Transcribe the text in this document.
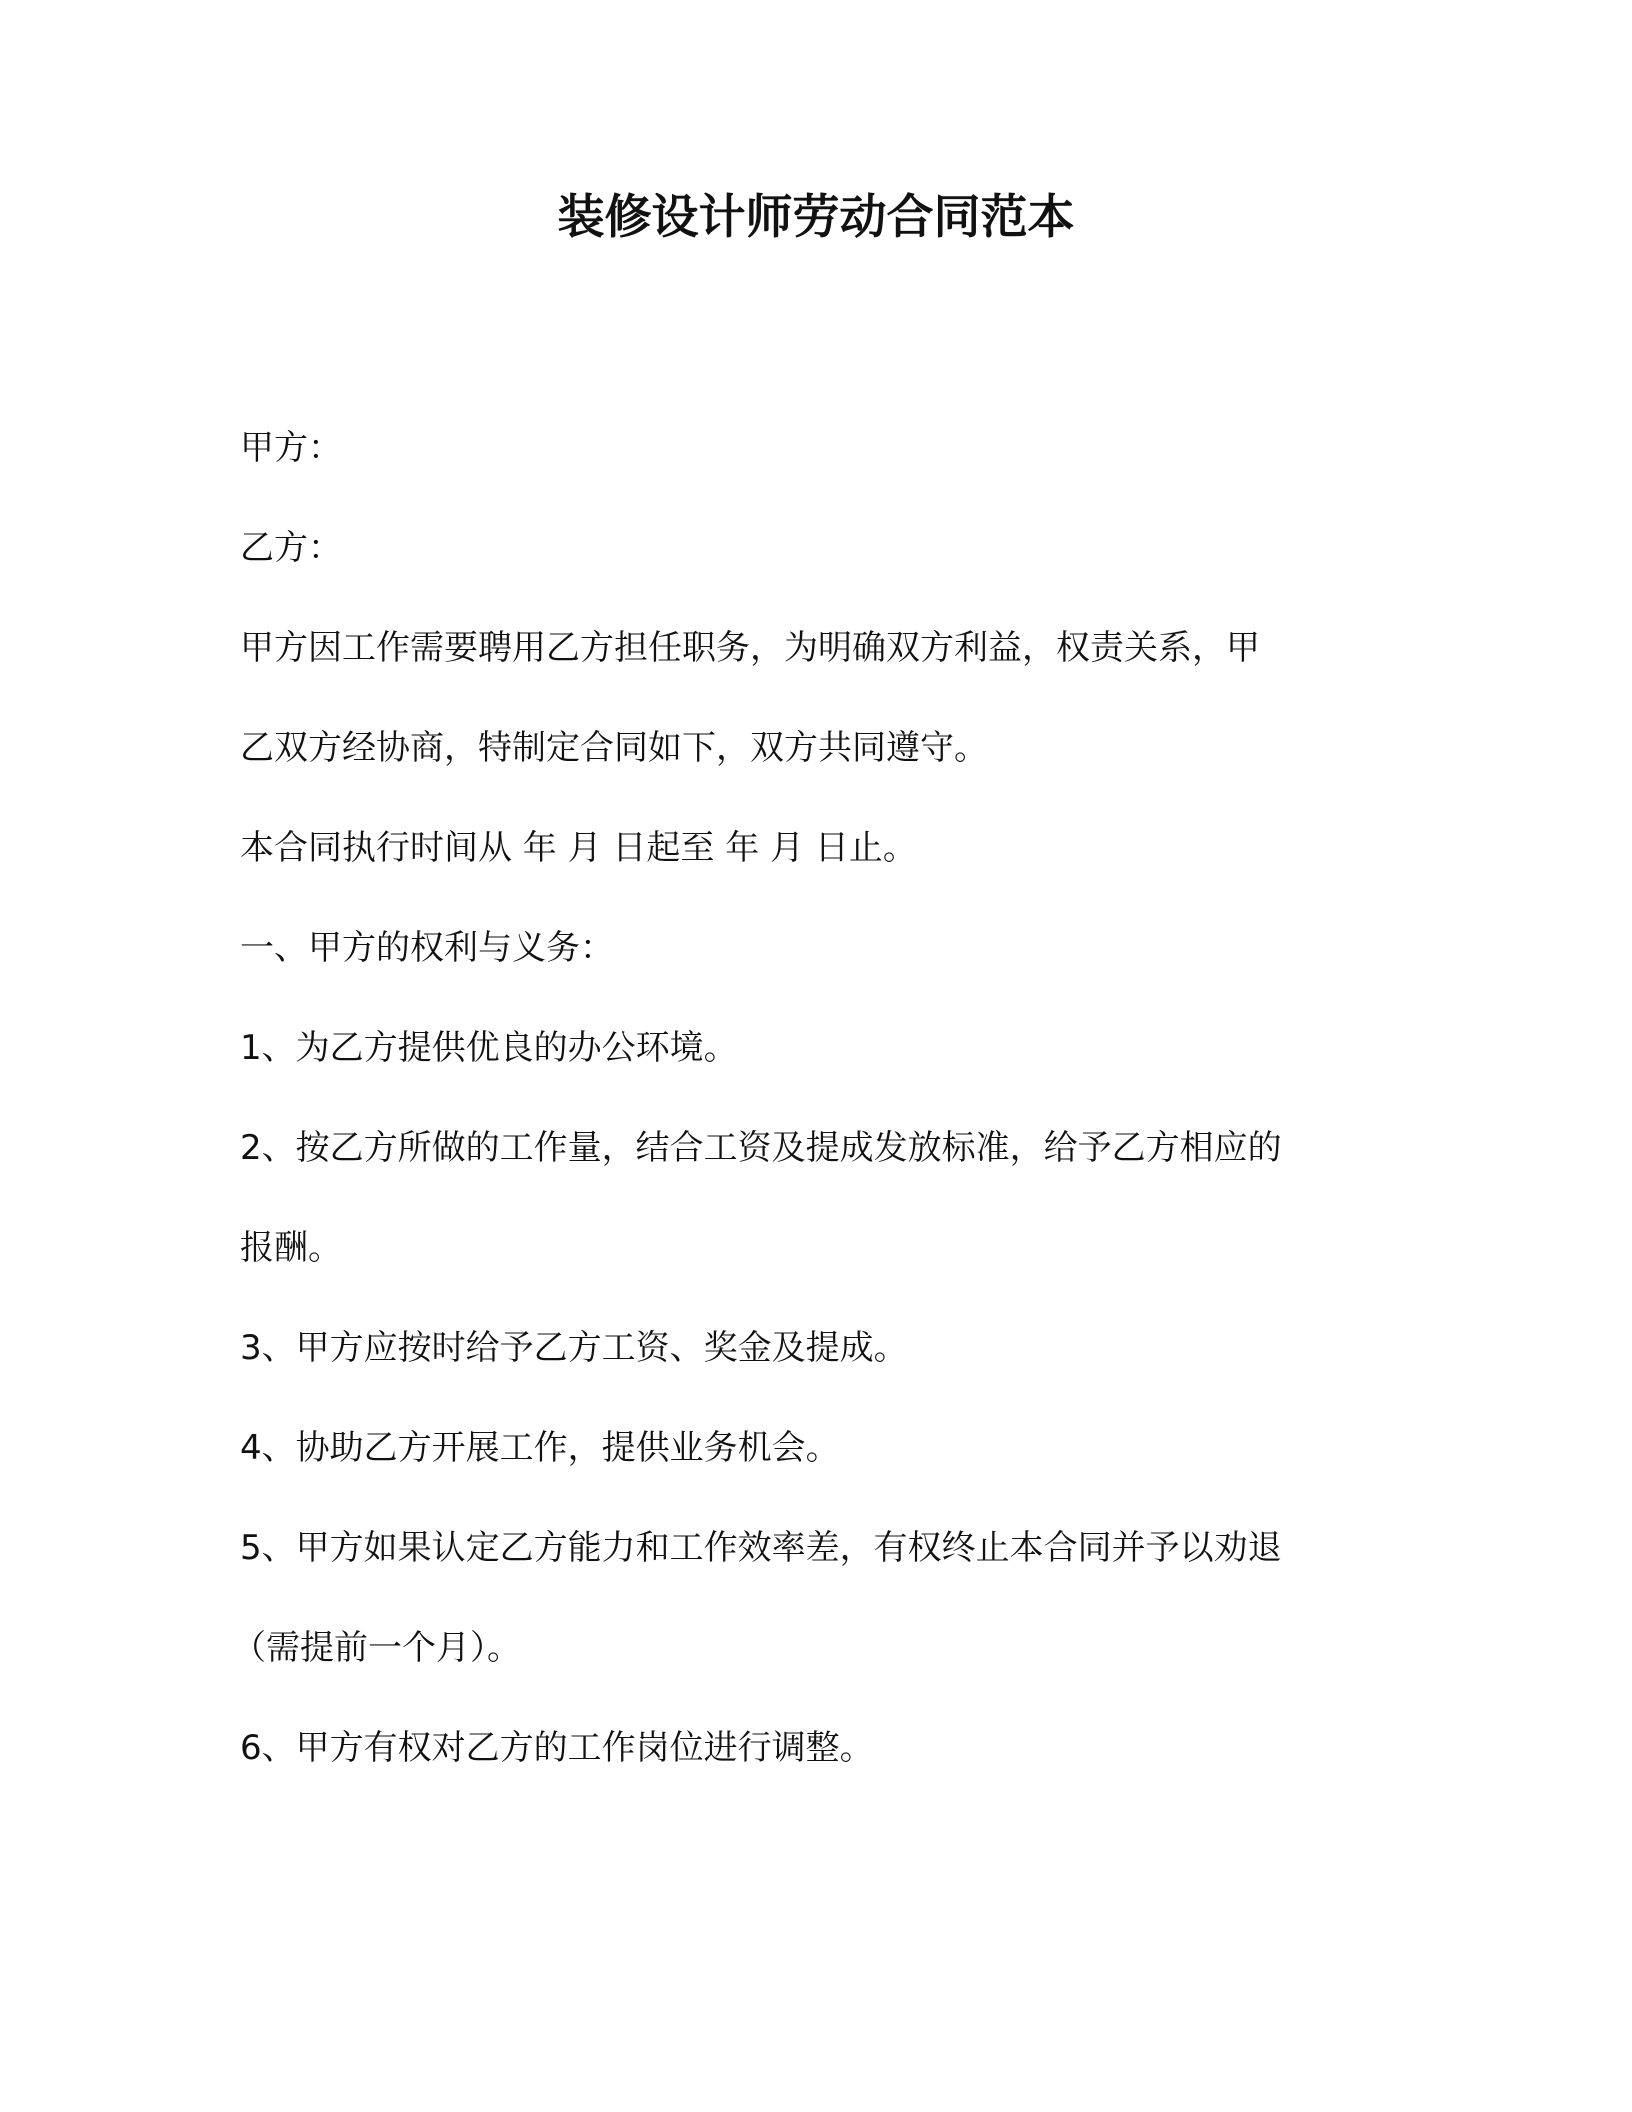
装修设计师劳动合同范本

甲方：

乙方：

甲方因工作需要聘用乙方担任职务，为明确双方利益，权责关系，甲

乙双方经协商，特制定合同如下，双方共同遵守。

本合同执行时间从 年 月 日起至 年 月 日止。

一、甲方的权利与义务：

1、为乙方提供优良的办公环境。

2、按乙方所做的工作量，结合工资及提成发放标准，给予乙方相应的

报酬。

3、甲方应按时给予乙方工资、奖金及提成。

4、协助乙方开展工作，提供业务机会。

5、甲方如果认定乙方能力和工作效率差，有权终止本合同并予以劝退

（需提前一个月）。

6、甲方有权对乙方的工作岗位进行调整。
